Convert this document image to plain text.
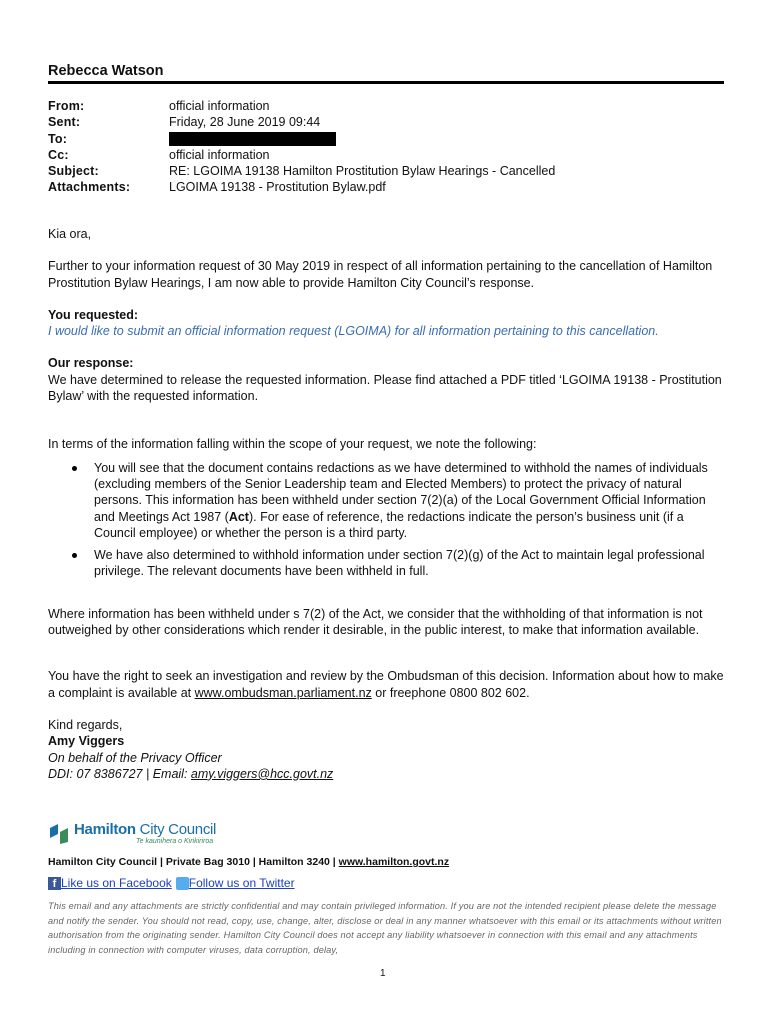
Rebecca Watson
From:	official information
Sent:	Friday, 28 June 2019 09:44
To:
Cc:	official information
Subject:	RE: LGOIMA 19138 Hamilton Prostitution Bylaw Hearings - Cancelled
Attachments:	LGOIMA 19138 - Prostitution Bylaw.pdf

Kia ora,

Further to your information request of 30 May 2019 in respect of all information pertaining to the cancellation of Hamilton Prostitution Bylaw Hearings, I am now able to provide Hamilton City Council’s response.

You requested:

I would like to submit an official information request (LGOIMA) for all information pertaining to this cancellation.

Our response:

We have determined to release the requested information. Please find attached a PDF titled ‘LGOIMA 19138 - Prostitution Bylaw’ with the requested information.

In terms of the information falling within the scope of your request, we note the following:

You will see that the document contains redactions as we have determined to withhold the names of individuals (excluding members of the Senior Leadership team and Elected Members) to protect the privacy of natural persons. This information has been withheld under section 7(2)(a) of the Local Government Official Information and Meetings Act 1987 (Act). For ease of reference, the redactions indicate the person’s business unit (if a Council employee) or whether the person is a third party.
We have also determined to withhold information under section 7(2)(g) of the Act to maintain legal professional privilege. The relevant documents have been withheld in full.

Where information has been withheld under s 7(2) of the Act, we consider that the withholding of that information is not outweighed by other considerations which render it desirable, in the public interest, to make that information available.

You have the right to seek an investigation and review by the Ombudsman of this decision. Information about how to make a complaint is available at www.ombudsman.parliament.nz or freephone 0800 802 602.

Kind regards,

Amy Viggers

On behalf of the Privacy Officer

DDI: 07 8386727 | Email: amy.viggers@hcc.govt.nz

Hamilton City Council
Te kaunihera o Kirikiriroa
Hamilton City Council | Private Bag 3010 | Hamilton 3240 | www.hamilton.govt.nz
f Like us on Facebook Follow us on Twitter
This email and any attachments are strictly confidential and may contain privileged information. If you are not the intended recipient please delete the message and notify the sender. You should not read, copy, use, change, alter, disclose or deal in any manner whatsoever with this email or its attachments without written authorisation from the originating sender. Hamilton City Council does not accept any liability whatsoever in connection with this email and any attachments including in connection with computer viruses, data corruption, delay,
1
